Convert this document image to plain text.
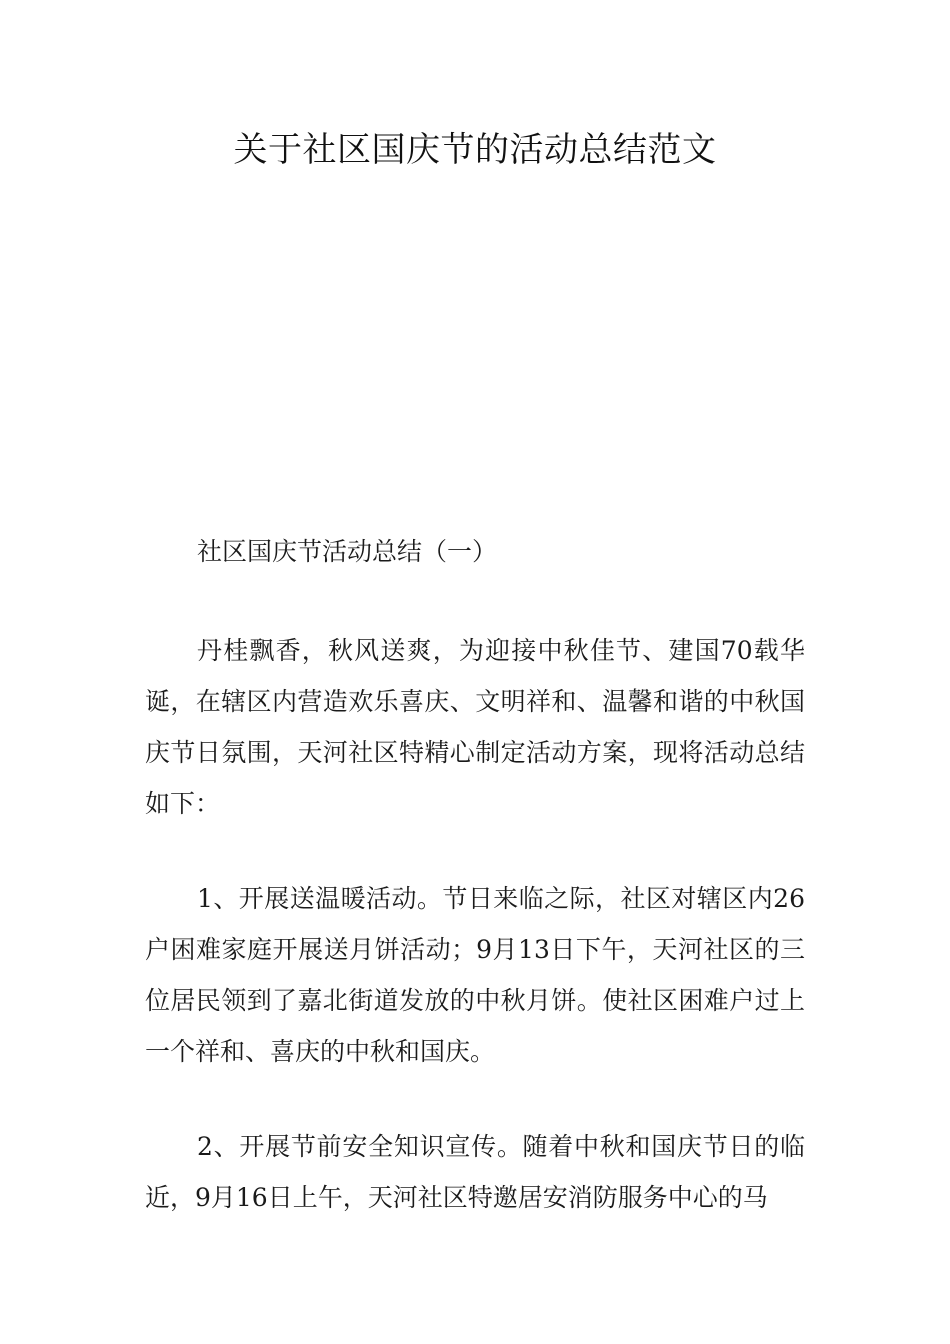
关于社区国庆节的活动总结范文

社区国庆节活动总结（一）

丹桂飘香，秋风送爽，为迎接中秋佳节、建国70载华诞，在辖区内营造欢乐喜庆、文明祥和、温馨和谐的中秋国庆节日氛围，天河社区特精心制定活动方案，现将活动总结如下：

1、开展送温暖活动。节日来临之际，社区对辖区内26户困难家庭开展送月饼活动；9月13日下午，天河社区的三位居民领到了嘉北街道发放的中秋月饼。使社区困难户过上一个祥和、喜庆的中秋和国庆。

2、开展节前安全知识宣传。随着中秋和国庆节日的临近，9月16日上午，天河社区特邀居安消防服务中心的马
